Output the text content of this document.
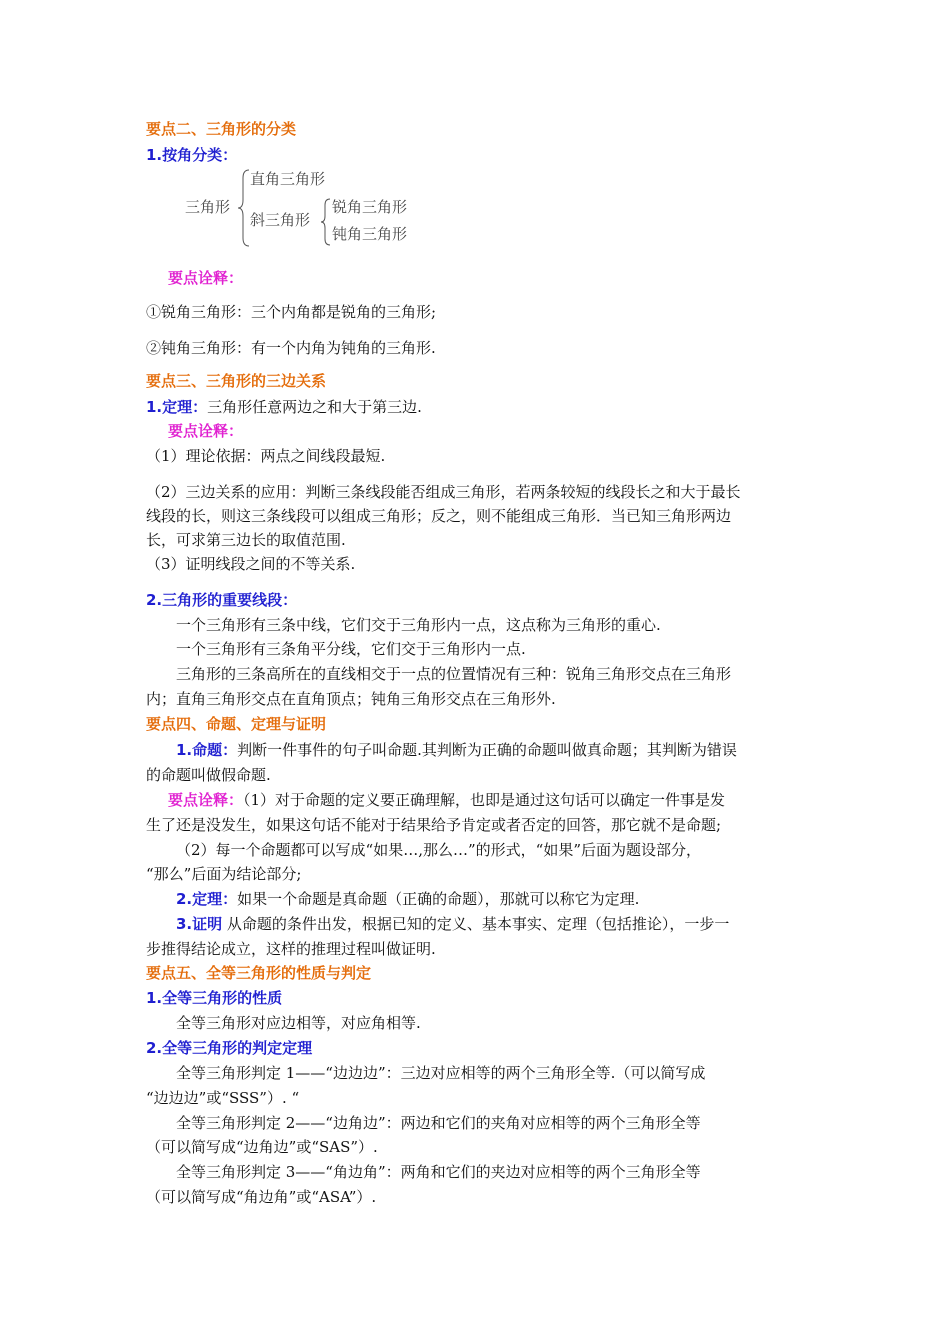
要点二、三角形的分类
1.按角分类：
三角形
直角三角形
斜三角形
锐角三角形
钝角三角形
要点诠释：
①锐角三角形：三个内角都是锐角的三角形;
②钝角三角形：有一个内角为钝角的三角形.
要点三、三角形的三边关系
1.定理：三角形任意两边之和大于第三边.
要点诠释：
（1）理论依据：两点之间线段最短.
（2）三边关系的应用：判断三条线段能否组成三角形，若两条较短的线段长之和大于最长
线段的长，则这三条线段可以组成三角形；反之，则不能组成三角形．当已知三角形两边
长，可求第三边长的取值范围.
（3）证明线段之间的不等关系.
2.三角形的重要线段：
一个三角形有三条中线，它们交于三角形内一点，这点称为三角形的重心.
一个三角形有三条角平分线，它们交于三角形内一点.
三角形的三条高所在的直线相交于一点的位置情况有三种：锐角三角形交点在三角形
内；直角三角形交点在直角顶点；钝角三角形交点在三角形外.
要点四、命题、定理与证明
1.命题：判断一件事件的句子叫命题.其判断为正确的命题叫做真命题；其判断为错误
的命题叫做假命题.
要点诠释：（1）对于命题的定义要正确理解，也即是通过这句话可以确定一件事是发
生了还是没发生，如果这句话不能对于结果给予肯定或者否定的回答，那它就不是命题;
（2）每一个命题都可以写成“如果…,那么…”的形式，“如果”后面为题设部分，
“那么”后面为结论部分;
2.定理：如果一个命题是真命题（正确的命题），那就可以称它为定理.
3.证明 从命题的条件出发，根据已知的定义、基本事实、定理（包括推论），一步一
步推得结论成立，这样的推理过程叫做证明.
要点五、全等三角形的性质与判定
1.全等三角形的性质
全等三角形对应边相等，对应角相等.
2.全等三角形的判定定理
全等三角形判定 1——“边边边”：三边对应相等的两个三角形全等.（可以简写成
“边边边”或“SSS”）. “
全等三角形判定 2——“边角边”：两边和它们的夹角对应相等的两个三角形全等
（可以简写成“边角边”或“SAS”）.
全等三角形判定 3——“角边角”：两角和它们的夹边对应相等的两个三角形全等
（可以简写成“角边角”或“ASA”）.
